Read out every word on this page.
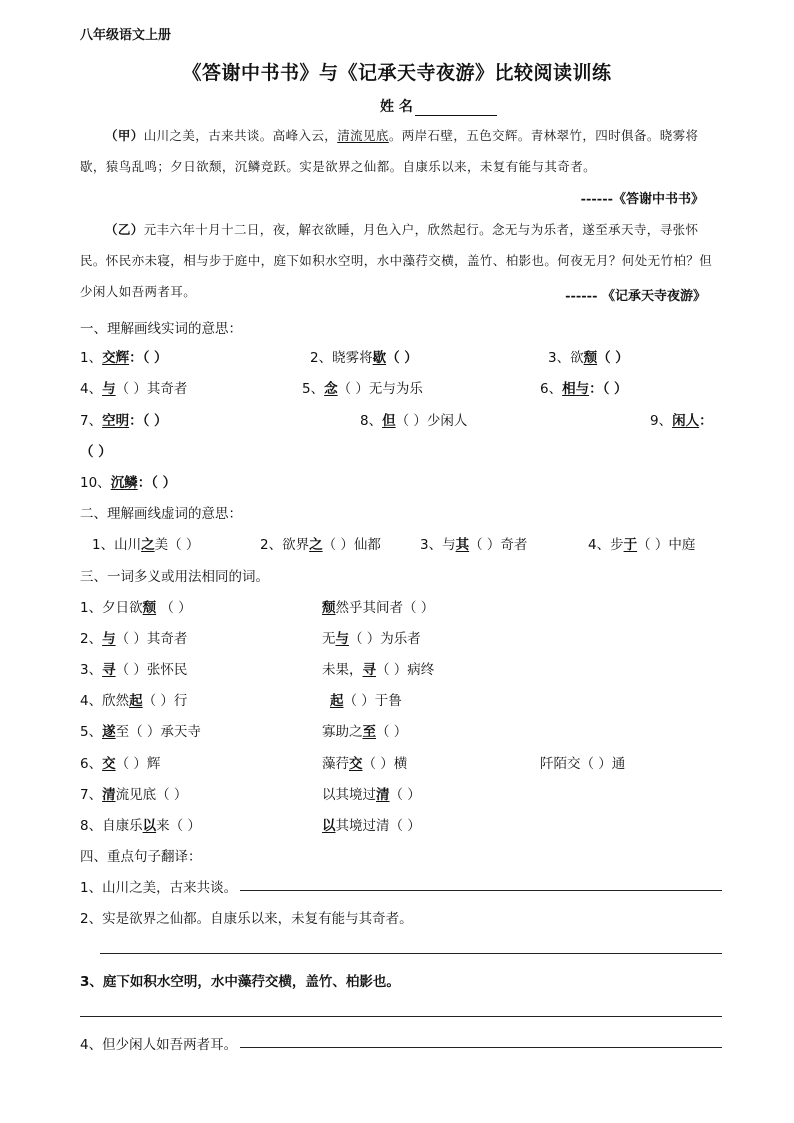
八年级语文上册
《答谢中书书》与《记承天寺夜游》比较阅读训练
姓 名
（甲）山川之美，古来共谈。高峰入云，清流见底。两岸石壁，五色交辉。青林翠竹，四时俱备。晓雾将歇，猿鸟乱鸣；夕日欲颓，沉鳞竞跃。实是欲界之仙都。自康乐以来，未复有能与其奇者。
------《答谢中书书》
（乙）元丰六年十月十二日，夜，解衣欲睡，月色入户，欣然起行。念无与为乐者，遂至承天寺，寻张怀民。怀民亦未寝，相与步于庭中，庭下如积水空明，水中藻荇交横，盖竹、柏影也。何夜无月？何处无竹柏？但少闲人如吾两者耳。	------ 《记承天寺夜游》
一、理解画线实词的意思：
1、交辉：（ ）	2、晓雾将歇（ ）	3、欲颓（ ）
4、与（ ）其奇者	5、念（ ）无与为乐	6、相与：（ ）
7、空明：（ ）	8、但（ ）少闲人	9、闲人：
（ ）
10、沉鳞：（ ）
二、理解画线虚词的意思：
1、山川之美（ ）	2、欲界之（ ）仙都	3、与其（ ）奇者	4、步于（ ）中庭
三、一词多义或用法相同的词。
1、夕日欲颓 （ ）	颓然乎其间者（ ）
2、与（ ）其奇者	无与（ ）为乐者
3、寻（ ）张怀民	未果，寻（ ）病终
4、欣然起（ ）行	起（ ）于鲁
5、遂至（ ）承天寺	寡助之至（ ）
6、交（ ）辉	藻荇交（ ）横	阡陌交（ ）通
7、清流见底（ ）	以其境过清（ ）
8、自康乐以来（ ）	以其境过清（ ）
四、重点句子翻译：
1、山川之美，古来共谈。
2、实是欲界之仙都。自康乐以来，未复有能与其奇者。
3、庭下如积水空明，水中藻荇交横，盖竹、柏影也。
4、但少闲人如吾两者耳。
